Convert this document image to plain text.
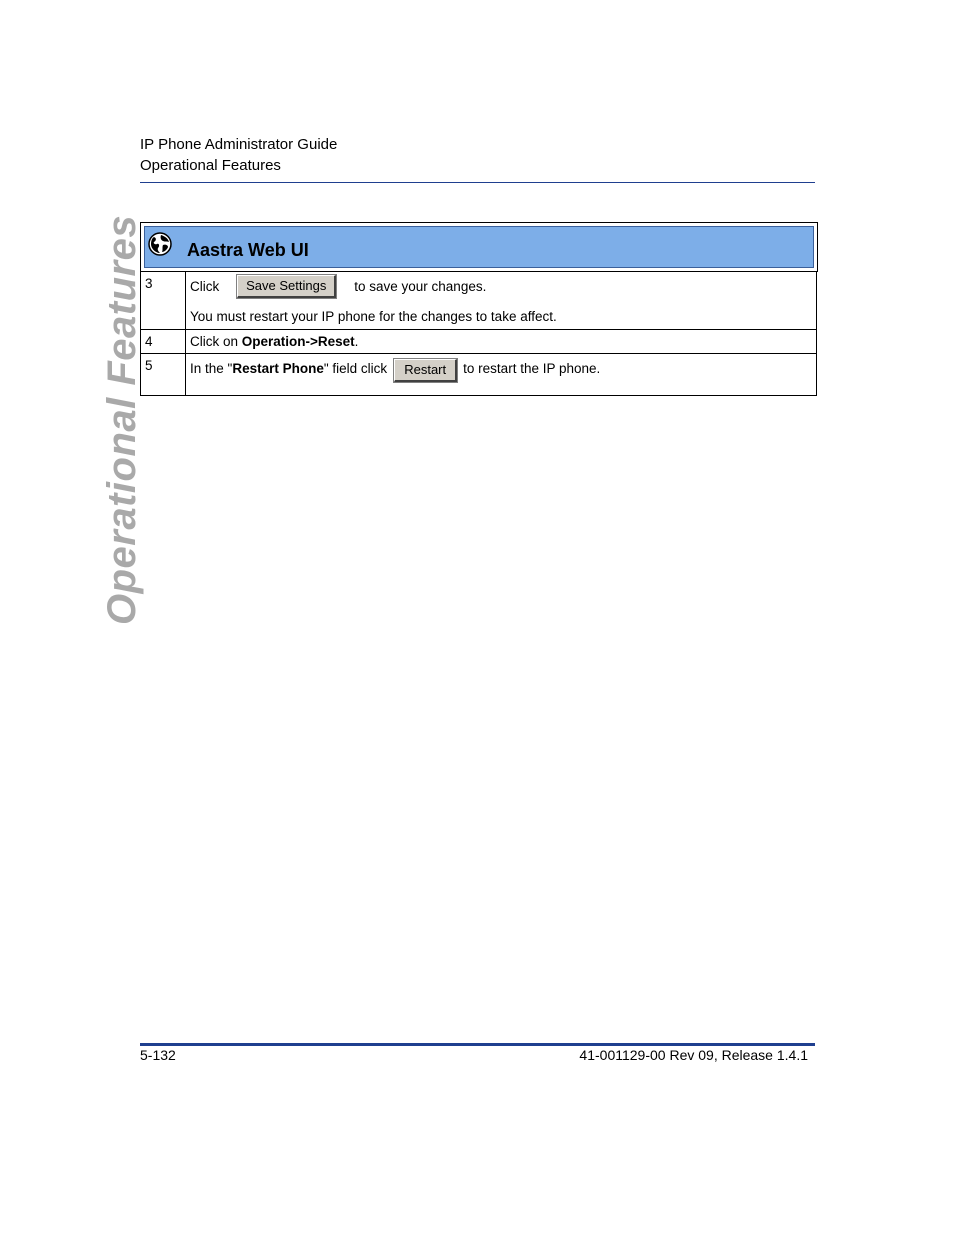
IP Phone Administrator Guide
Operational Features
Operational Features Aastra Web UI
3	Click Save Settings to save your changes.
You must restart your IP phone for the changes to take affect.

4	Click on Operation->Reset.
5	In the "Restart Phone" field click Restart to restart the IP phone.
5-132	41-001129-00 Rev 09, Release 1.4.1
